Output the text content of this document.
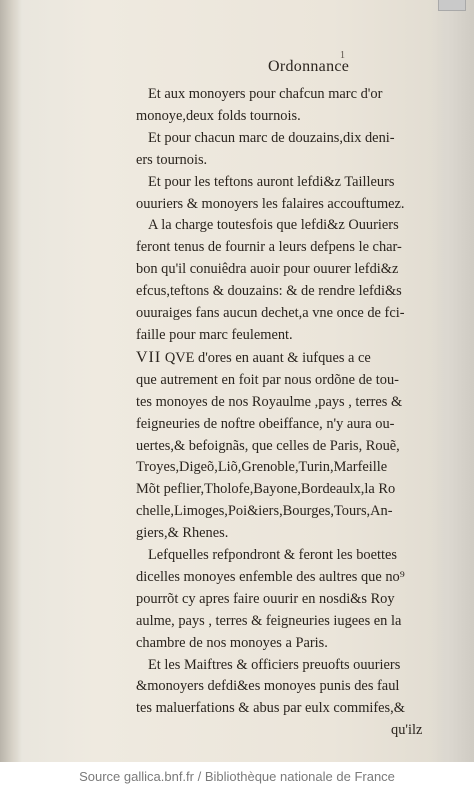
1
Ordonnance
Et aux monoyers pour chafcun marc d'or
monoye,deux folds tournois.
Et pour chacun marc de douzains,dix deni-
ers tournois.
Et pour les teftons auront lefdi&z Tailleurs
ouuriers & monoyers les falaires accouftumez.
A la charge toutesfois que lefdi&z Ouuriers
feront tenus de fournir a leurs defpens le char-
bon qu'il conuiêdra auoir pour ouurer lefdi&z
efcus,teftons & douzains: & de rendre lefdi&s
ouuraiges fans aucun dechet,a vne once de fci-
faille pour marc feulement.
VII QVE d'ores en auant & iufques a ce
que autrement en foit par nous ordõne de tou-
tes monoyes de nos Royaulme ,pays , terres &
feigneuries de noftre obeiffance, n'y aura ou-
uertes,& befoignãs, que celles de Paris, Rouẽ,
Troyes,Digeõ,Liõ,Grenoble,Turin,Marfeille
Mõt peflier,Tholofe,Bayone,Bordeaulx,la Ro
chelle,Limoges,Poi&iers,Bourges,Tours,An-
giers,& Rhenes.
Lefquelles refpondront & feront les boettes
dicelles monoyes enfemble des aultres que no⁹
pourrõt cy apres faire ouurir en nosdi&s Roy
aulme, pays , terres & feigneuries iugees en la
chambre de nos monoyes a Paris.
Et les Maiftres & officiers preuofts ouuriers
&monoyers defdi&es monoyes punis des faul
tes maluerfations & abus par eulx commifes,&
qu'ilz
Source gallica.bnf.fr / Bibliothèque nationale de France
